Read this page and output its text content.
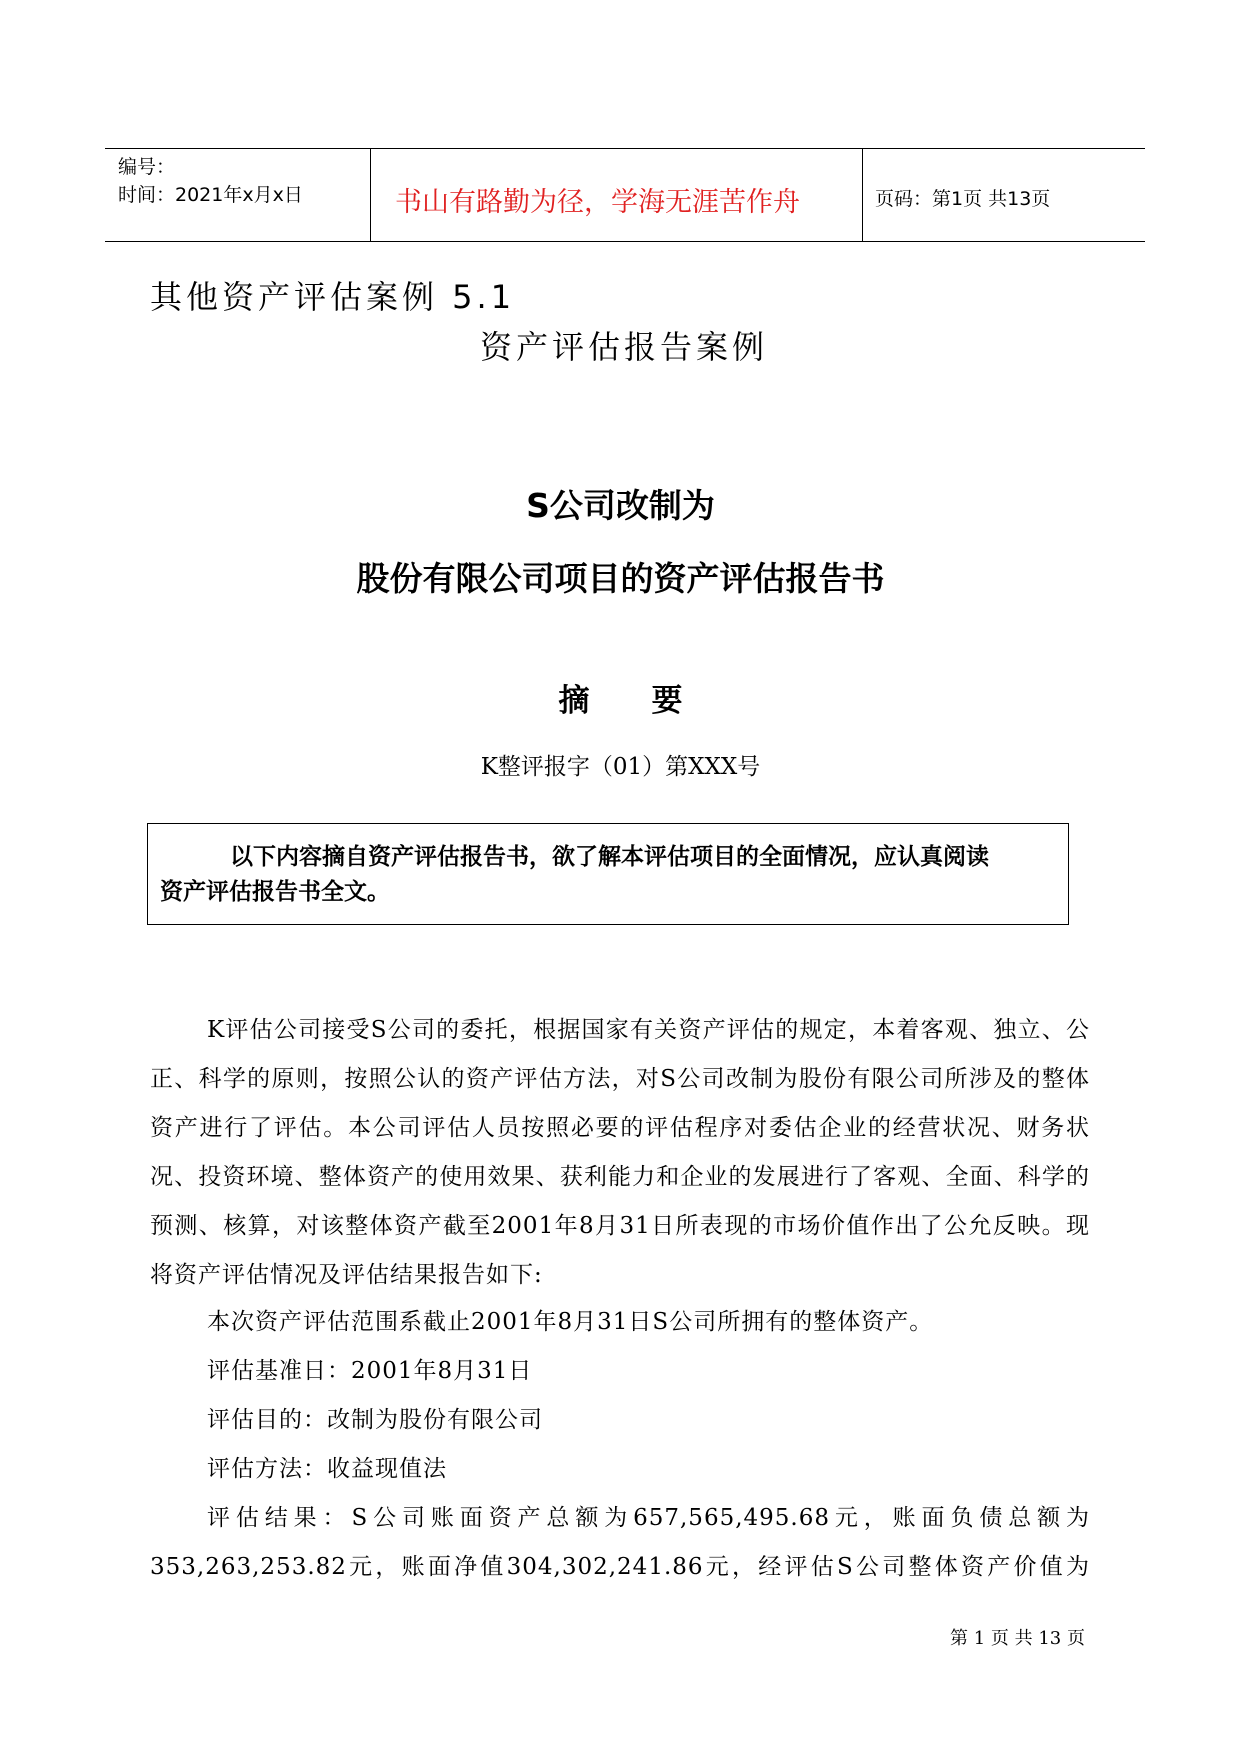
编号：
时间：2021年x月x日	书山有路勤为径，学海无涯苦作舟	页码：第1页 共13页
其他资产评估案例 5.1
资产评估报告案例
S公司改制为
股份有限公司项目的资产评估报告书
摘　　要
K整评报字（01）第XXX号
以下内容摘自资产评估报告书，欲了解本评估项目的全面情况，应认真阅读
资产评估报告书全文。
K评估公司接受S公司的委托，根据国家有关资产评估的规定，本着客观、独立、公正、科学的原则，按照公认的资产评估方法，对S公司改制为股份有限公司所涉及的整体资产进行了评估。本公司评估人员按照必要的评估程序对委估企业的经营状况、财务状况、投资环境、整体资产的使用效果、获利能力和企业的发展进行了客观、全面、科学的预测、核算，对该整体资产截至2001年8月31日所表现的市场价值作出了公允反映。现将资产评估情况及评估结果报告如下:
本次资产评估范围系截止2001年8月31日S公司所拥有的整体资产。
评估基准日：2001年8月31日
评估目的：改制为股份有限公司
评估方法：收益现值法
评估结果：S公司账面资产总额为657,565,495.68元，账面负债总额为
353,263,253.82元，账面净值304,302,241.86元，经评估S公司整体资产价值为
第 1 页 共 13 页
